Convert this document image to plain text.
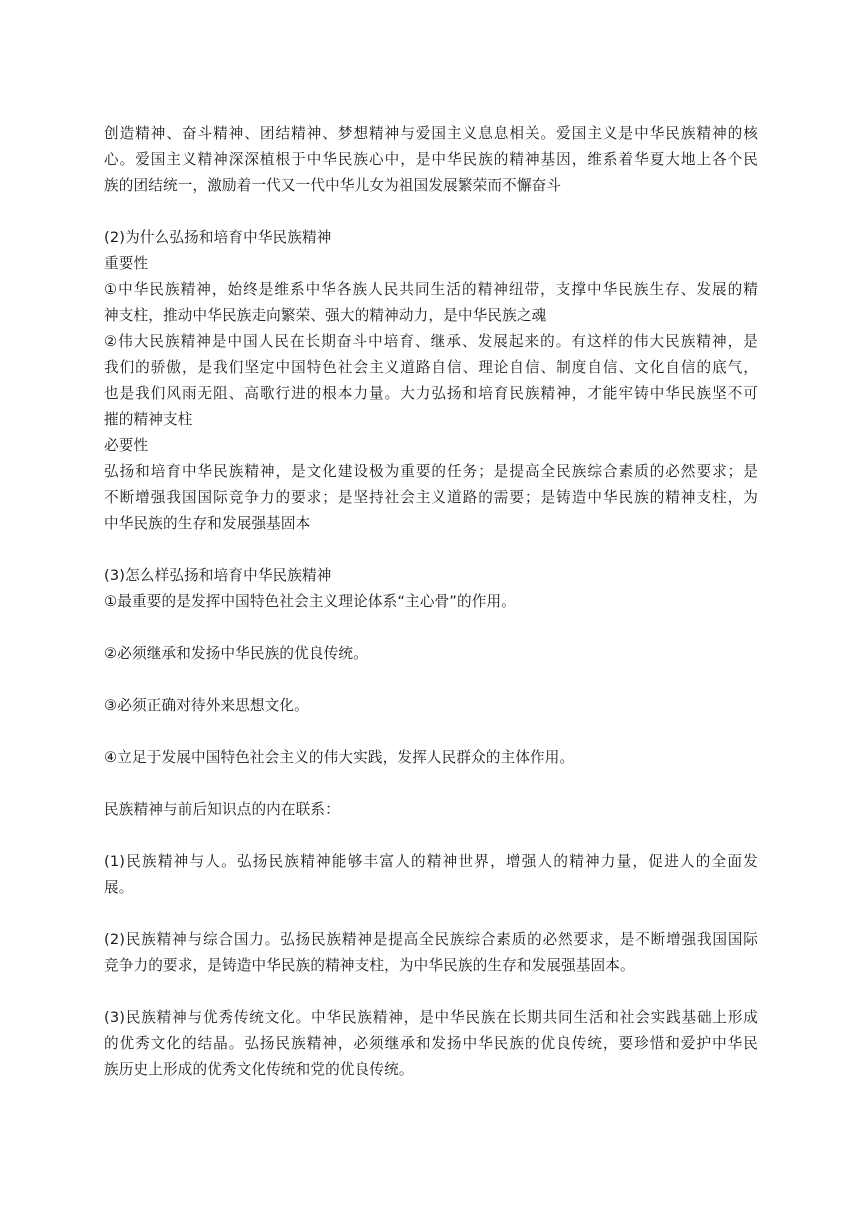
创造精神、奋斗精神、团结精神、梦想精神与爱国主义息息相关。爱国主义是中华民族精神的核
心。爱国主义精神深深植根于中华民族心中，是中华民族的精神基因，维系着华夏大地上各个民
族的团结统一，激励着一代又一代中华儿女为祖国发展繁荣而不懈奋斗
(2)为什么弘扬和培育中华民族精神
重要性
①中华民族精神，始终是维系中华各族人民共同生活的精神纽带，支撑中华民族生存、发展的精
神支柱，推动中华民族走向繁荣、强大的精神动力，是中华民族之魂
②伟大民族精神是中国人民在长期奋斗中培育、继承、发展起来的。有这样的伟大民族精神，是
我们的骄傲，是我们坚定中国特色社会主义道路自信、理论自信、制度自信、文化自信的底气，
也是我们风雨无阻、高歌行进的根本力量。大力弘扬和培育民族精神，才能牢铸中华民族坚不可
摧的精神支柱
必要性
弘扬和培育中华民族精神，是文化建设极为重要的任务；是提高全民族综合素质的必然要求；是
不断增强我国国际竞争力的要求；是坚持社会主义道路的需要；是铸造中华民族的精神支柱，为
中华民族的生存和发展强基固本
(3)怎么样弘扬和培育中华民族精神
①最重要的是发挥中国特色社会主义理论体系“主心骨”的作用。
②必须继承和发扬中华民族的优良传统。
③必须正确对待外来思想文化。
④立足于发展中国特色社会主义的伟大实践，发挥人民群众的主体作用。
民族精神与前后知识点的内在联系：
(1)民族精神与人。弘扬民族精神能够丰富人的精神世界，增强人的精神力量，促进人的全面发
展。
(2)民族精神与综合国力。弘扬民族精神是提高全民族综合素质的必然要求，是不断增强我国国际
竞争力的要求，是铸造中华民族的精神支柱，为中华民族的生存和发展强基固本。
(3)民族精神与优秀传统文化。中华民族精神，是中华民族在长期共同生活和社会实践基础上形成
的优秀文化的结晶。弘扬民族精神，必须继承和发扬中华民族的优良传统，要珍惜和爱护中华民
族历史上形成的优秀文化传统和党的优良传统。
